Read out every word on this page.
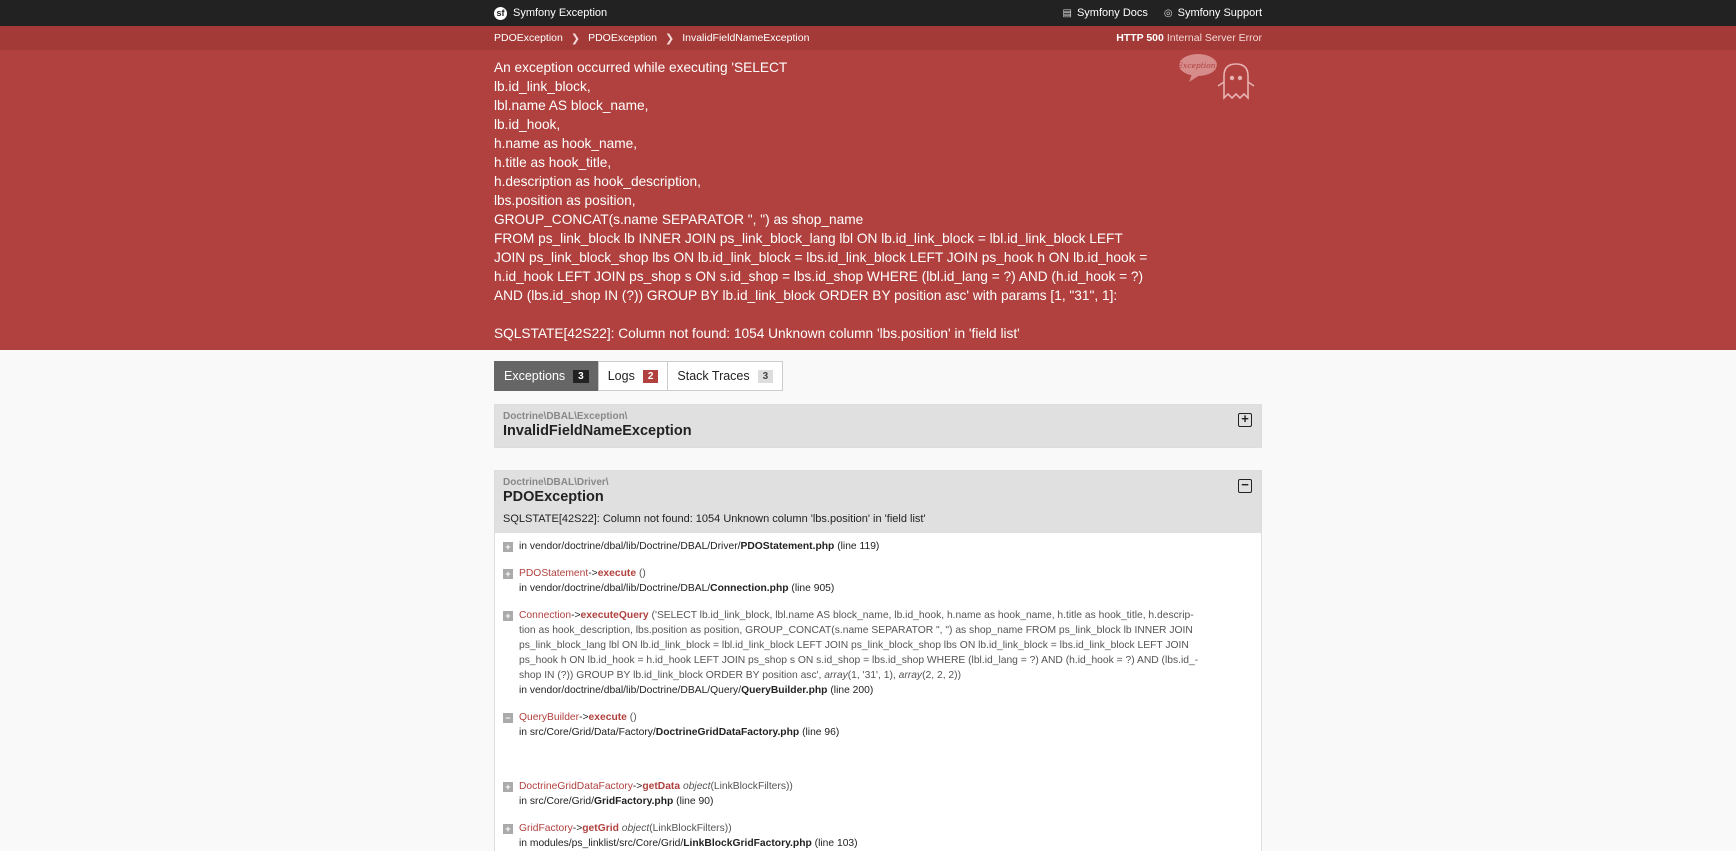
sf Symfony Exception	▤ Symfony Docs ◎ Symfony Support
PDOException ❯ PDOException ❯ InvalidFieldNameException	HTTP 500 Internal Server Error
An exception occurred while executing 'SELECT
lb.id_link_block,
lbl.name AS block_name,
lb.id_hook,
h.name as hook_name,
h.title as hook_title,
h.description as hook_description,
lbs.position as position,
GROUP_CONCAT(s.name SEPARATOR ", ") as shop_name
FROM ps_link_block lb INNER JOIN ps_link_block_lang lbl ON lb.id_link_block = lbl.id_link_block LEFT
JOIN ps_link_block_shop lbs ON lb.id_link_block = lbs.id_link_block LEFT JOIN ps_hook h ON lb.id_hook =
h.id_hook LEFT JOIN ps_shop s ON s.id_shop = lbs.id_shop WHERE (lbl.id_lang = ?) AND (h.id_hook = ?)
AND (lbs.id_shop IN (?)) GROUP BY lb.id_link_block ORDER BY position asc' with params [1, "31", 1]:
SQLSTATE[42S22]: Column not found: 1054 Unknown column 'lbs.position' in 'field list'
Exception!
Exceptions	3	Logs	2	Stack Traces	3
Doctrine\DBAL\Exception\
InvalidFieldNameException
+
Doctrine\DBAL\Driver\
PDOException
SQLSTATE[42S22]: Column not found: 1054 Unknown column 'lbs.position' in 'field list'
−
+ in vendor/doctrine/dbal/lib/Doctrine/DBAL/Driver/PDOStatement.php (line 119)
+ PDOStatement->execute ()
in vendor/doctrine/dbal/lib/Doctrine/DBAL/Connection.php (line 905)
+ Connection->executeQuery ('SELECT lb.id_link_block, lbl.name AS block_name, lb.id_hook, h.name as hook_name, h.title as hook_title, h.descrip-
tion as hook_description, lbs.position as position, GROUP_CONCAT(s.name SEPARATOR ", ") as shop_name FROM ps_link_block lb INNER JOIN
ps_link_block_lang lbl ON lb.id_link_block = lbl.id_link_block LEFT JOIN ps_link_block_shop lbs ON lb.id_link_block = lbs.id_link_block LEFT JOIN
ps_hook h ON lb.id_hook = h.id_hook LEFT JOIN ps_shop s ON s.id_shop = lbs.id_shop WHERE (lbl.id_lang = ?) AND (h.id_hook = ?) AND (lbs.id_-
shop IN (?)) GROUP BY lb.id_link_block ORDER BY position asc', array(1, '31', 1), array(2, 2, 2))
in vendor/doctrine/dbal/lib/Doctrine/DBAL/Query/QueryBuilder.php (line 200)
− QueryBuilder->execute ()
in src/Core/Grid/Data/Factory/DoctrineGridDataFactory.php (line 96)
+ DoctrineGridDataFactory->getData object(LinkBlockFilters))
in src/Core/Grid/GridFactory.php (line 90)
+ GridFactory->getGrid object(LinkBlockFilters))
in modules/ps_linklist/src/Core/Grid/LinkBlockGridFactory.php (line 103)
